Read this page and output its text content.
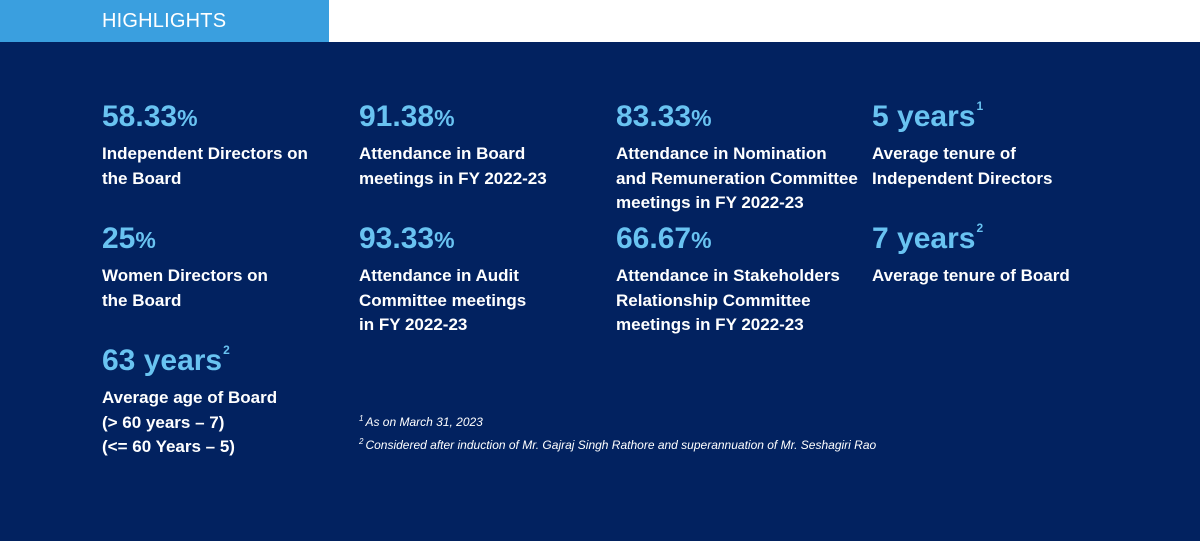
HIGHLIGHTS
58.33%
Independent Directors on
the Board
91.38%
Attendance in Board
meetings in FY 2022-23
83.33%
Attendance in Nomination
and Remuneration Committee
meetings in FY 2022-23
5 years$^1$
Average tenure of
Independent Directors
25%
Women Directors on
the Board
93.33%
Attendance in Audit
Committee meetings
in FY 2022-23
66.67%
Attendance in Stakeholders
Relationship Committee
meetings in FY 2022-23
7 years$^2$
Average tenure of Board
63 years$^2$
Average age of Board
(> 60 years – 7)
(<= 60 Years – 5)
$^1$ As on March 31, 2023
$^2$ Considered after induction of Mr. Gajraj Singh Rathore and superannuation of Mr. Seshagiri Rao
